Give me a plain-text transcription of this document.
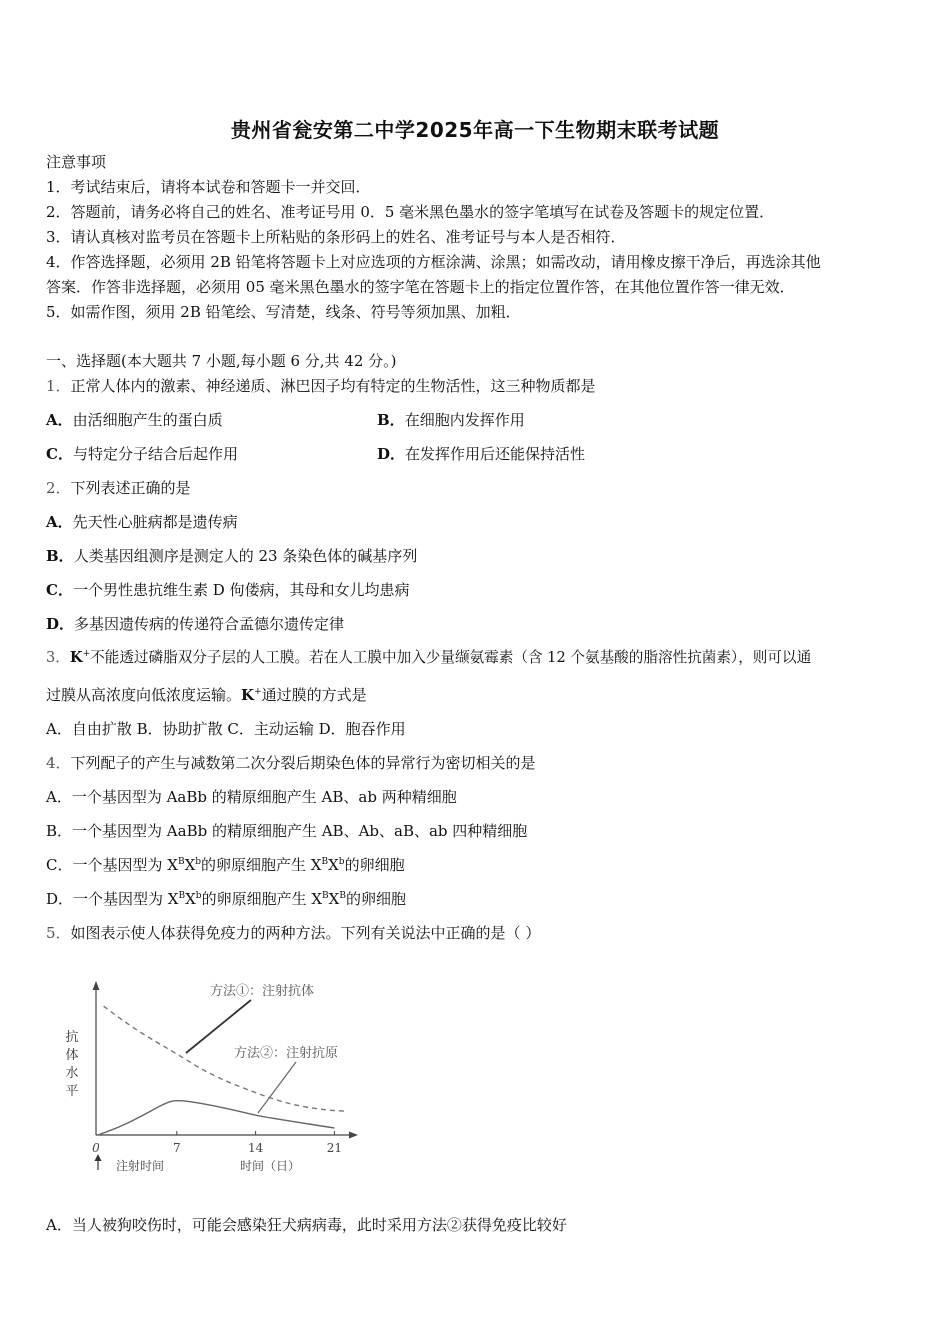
贵州省瓮安第二中学2025年高一下生物期末联考试题
注意事项
1．考试结束后，请将本试卷和答题卡一并交回．
2．答题前，请务必将自己的姓名、准考证号用 0．5 毫米黑色墨水的签字笔填写在试卷及答题卡的规定位置．
3．请认真核对监考员在答题卡上所粘贴的条形码上的姓名、准考证号与本人是否相符．
4．作答选择题，必须用 2B 铅笔将答题卡上对应选项的方框涂满、涂黑；如需改动，请用橡皮擦干净后，再选涂其他
答案．作答非选择题，必须用 05 毫米黑色墨水的签字笔在答题卡上的指定位置作答，在其他位置作答一律无效．
5．如需作图，须用 2B 铅笔绘、写清楚，线条、符号等须加黑、加粗．
一、选择题(本大题共 7 小题,每小题 6 分,共 42 分。)
1．正常人体内的激素、神经递质、淋巴因子均有特定的生物活性，这三种物质都是
A．由活细胞产生的蛋白质	B．在细胞内发挥作用
C．与特定分子结合后起作用	D．在发挥作用后还能保持活性
2．下列表述正确的是
A．先天性心脏病都是遗传病
B．人类基因组测序是测定人的 23 条染色体的碱基序列
C．一个男性患抗维生素 D 佝偻病，其母和女儿均患病
D．多基因遗传病的传递符合孟德尔遗传定律
3．K+不能透过磷脂双分子层的人工膜。若在人工膜中加入少量缬氨霉素（含 12 个氨基酸的脂溶性抗菌素），则可以通
过膜从高浓度向低浓度运输。K+通过膜的方式是
A．自由扩散 B．协助扩散 C．主动运输 D．胞吞作用
4．下列配子的产生与减数第二次分裂后期染色体的异常行为密切相关的是
A．一个基因型为 AaBb 的精原细胞产生 AB、ab 两种精细胞
B．一个基因型为 AaBb 的精原细胞产生 AB、Ab、aB、ab 四种精细胞
C．一个基因型为 $X^BX^b$的卵原细胞产生 $X^BX^b$的卵细胞
D．一个基因型为 $X^BX^b$的卵原细胞产生 $X^BX^B$的卵细胞
5．如图表示使人体获得免疫力的两种方法。下列有关说法中正确的是（ ）
抗
体
水
平
0	7	14	21
方法①：注射抗体
方法②：注射抗原
注射时间	时间（日）
A．当人被狗咬伤时，可能会感染狂犬病病毒，此时采用方法②获得免疫比较好
